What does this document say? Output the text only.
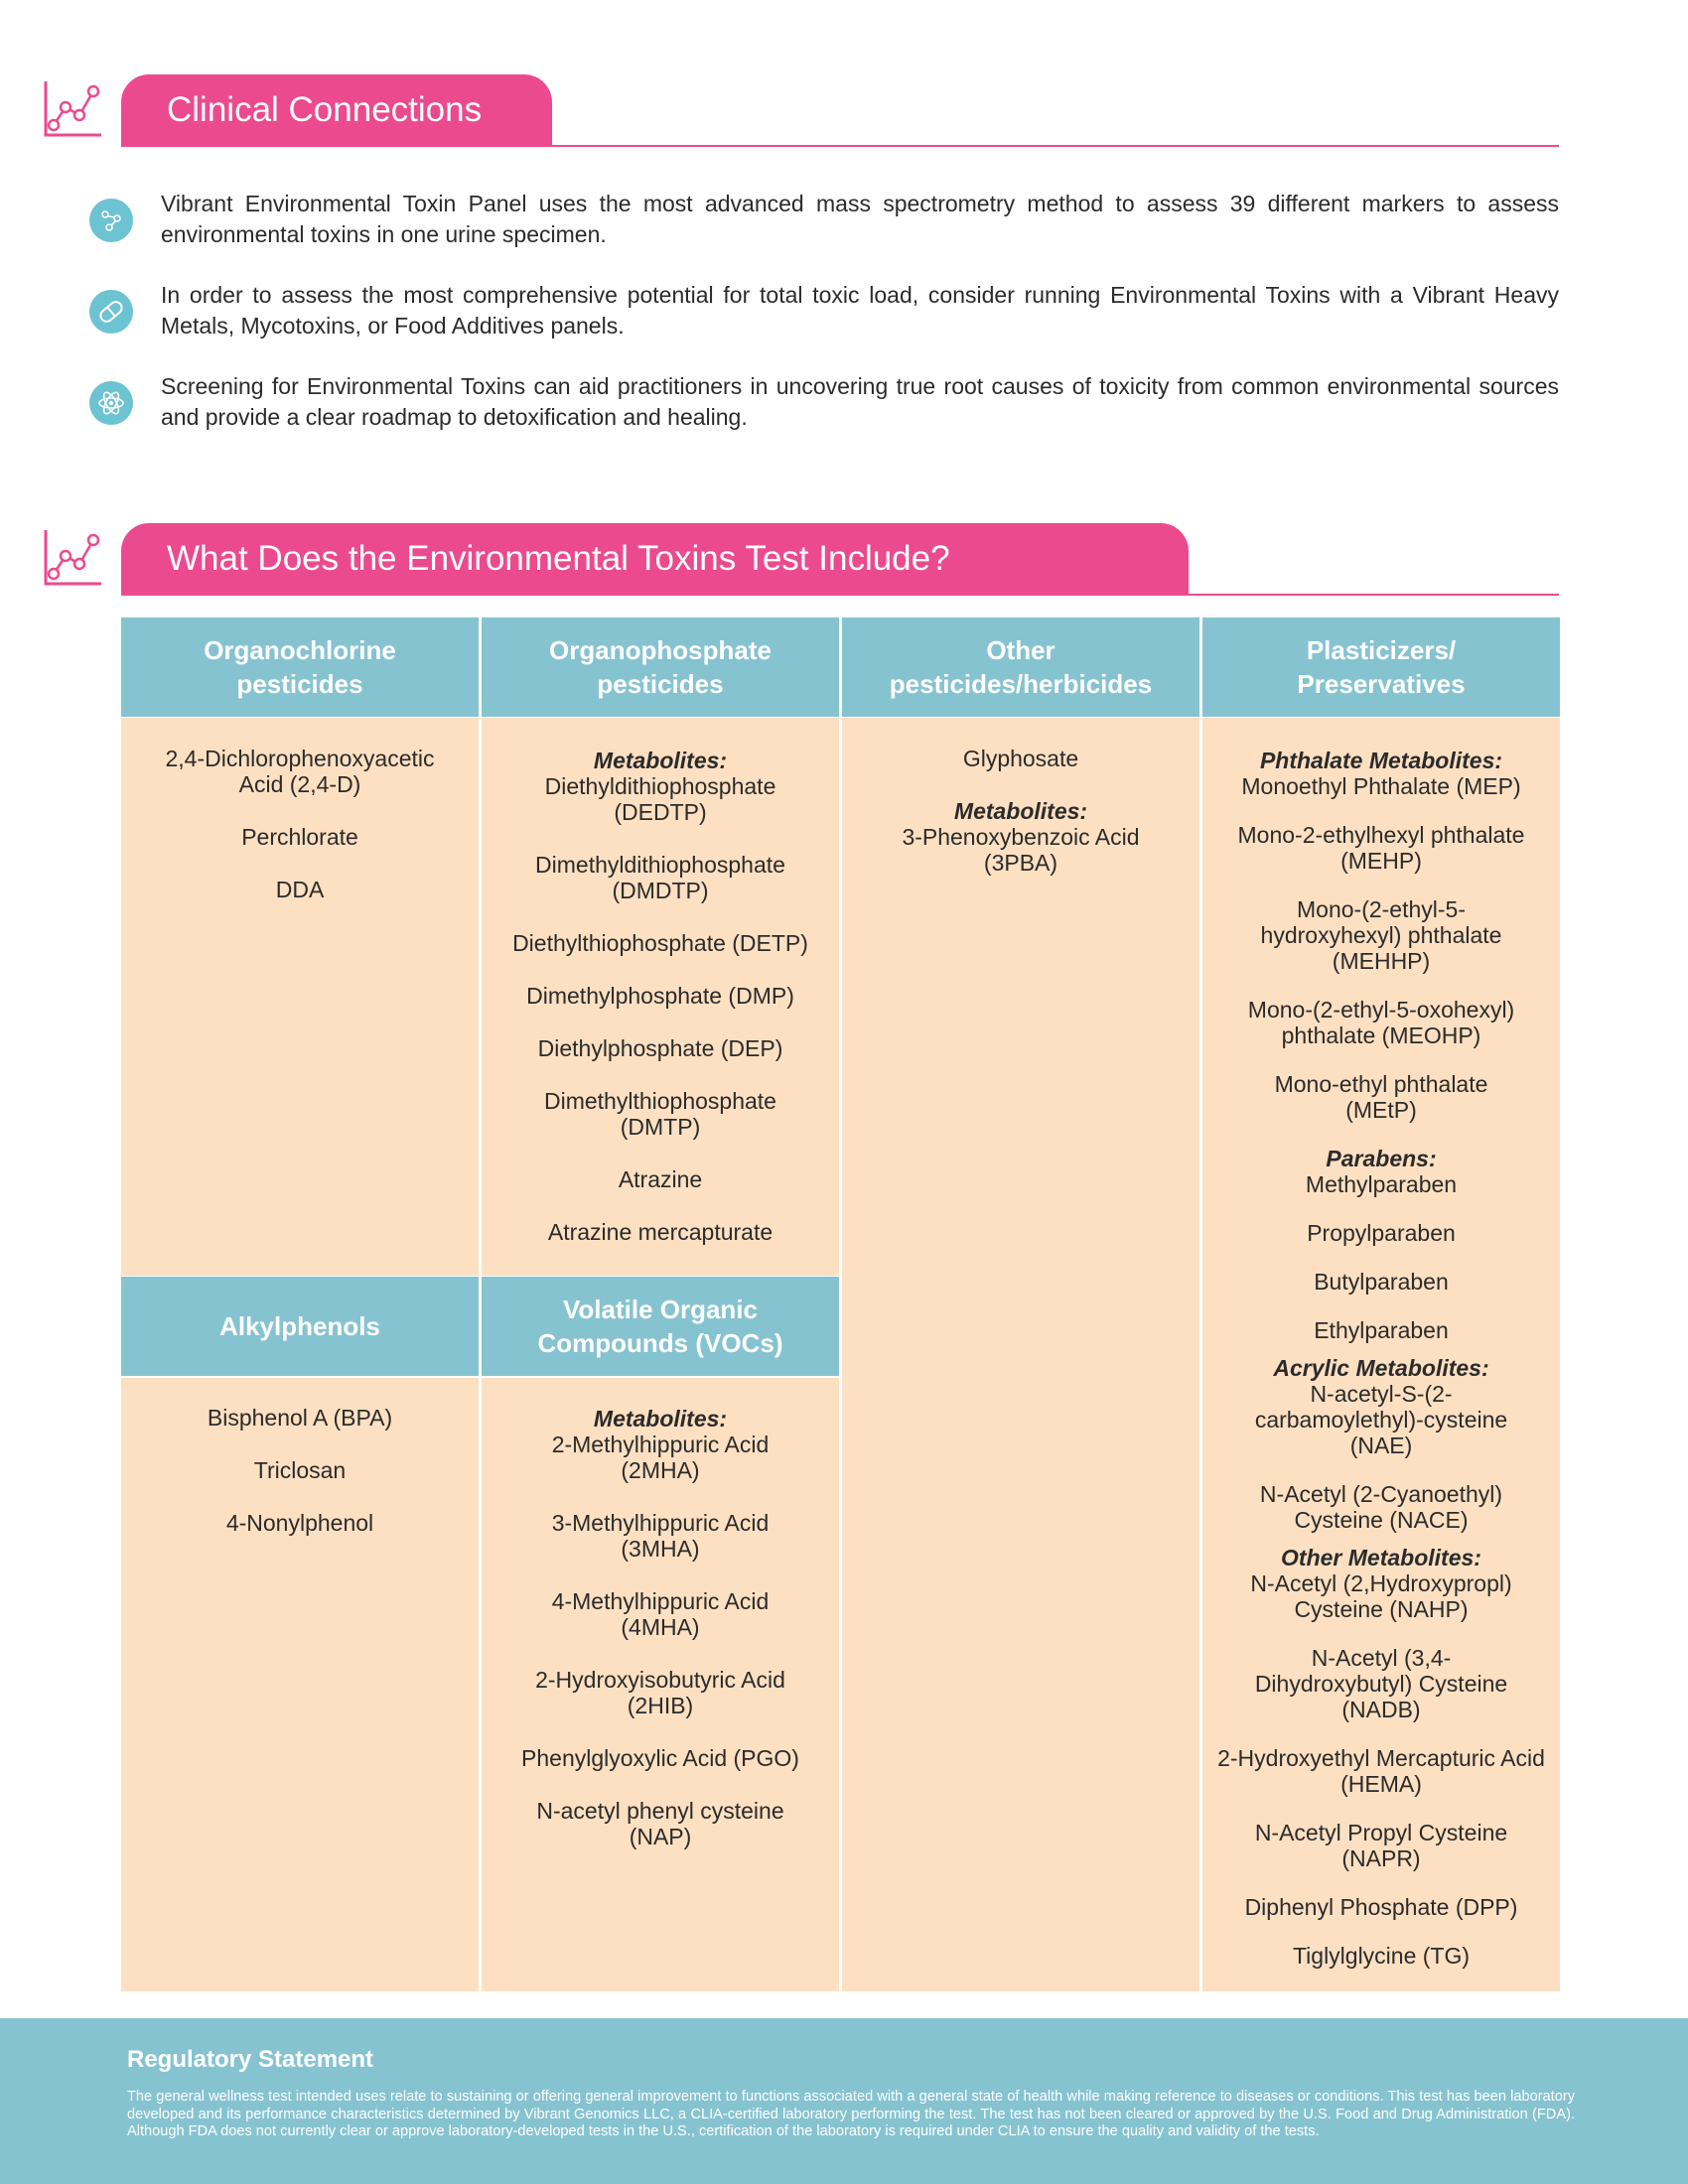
Clinical Connections
Vibrant Environmental Toxin Panel uses the most advanced mass spectrometry method to assess 39 different markers to assess environmental toxins in one urine specimen.
In order to assess the most comprehensive potential for total toxic load, consider running Environmental Toxins with a Vibrant Heavy Metals, Mycotoxins, or Food Additives panels.
Screening for Environmental Toxins can aid practitioners in uncovering true root causes of toxicity from common environmental sources and provide a clear roadmap to detoxification and healing.
What Does the Environmental Toxins Test Include?
Organochlorine pesticides
Organophosphate pesticides
Other pesticides/herbicides
Plasticizers/ Preservatives
Alkylphenols
Volatile Organic Compounds (VOCs)
2,4-Dichlorophenoxyacetic Acid (2,4-D)
Perchlorate
DDA
Metabolites:
Diethyldithiophosphate (DEDTP)
Dimethyldithiophosphate (DMDTP)
Diethylthiophosphate (DETP)
Dimethylphosphate (DMP)
Diethylphosphate (DEP)
Dimethylthiophosphate (DMTP)
Atrazine
Atrazine mercapturate
Glyphosate
Metabolites:
3-Phenoxybenzoic Acid (3PBA)
Phthalate Metabolites:
Monoethyl Phthalate (MEP)
Mono-2-ethylhexyl phthalate (MEHP)
Mono-(2-ethyl-5-hydroxyhexyl) phthalate (MEHHP)
Mono-(2-ethyl-5-oxohexyl) phthalate (MEOHP)
Mono-ethyl phthalate (MEtP)
Parabens:
Methylparaben
Propylparaben
Butylparaben
Ethylparaben
Acrylic Metabolites:
N-acetyl-S-(2-carbamoylethyl)-cysteine (NAE)
N-Acetyl (2-Cyanoethyl) Cysteine (NACE)
Other Metabolites:
N-Acetyl (2,Hydroxypropl) Cysteine (NAHP)
N-Acetyl (3,4-Dihydroxybutyl) Cysteine (NADB)
2-Hydroxyethyl Mercapturic Acid (HEMA)
N-Acetyl Propyl Cysteine (NAPR)
Diphenyl Phosphate (DPP)
Tiglylglycine (TG)
Bisphenol A (BPA)
Triclosan
4-Nonylphenol
Metabolites:
2-Methylhippuric Acid (2MHA)
3-Methylhippuric Acid (3MHA)
4-Methylhippuric Acid (4MHA)
2-Hydroxyisobutyric Acid (2HIB)
Phenylglyoxylic Acid (PGO)
N-acetyl phenyl cysteine (NAP)
Regulatory Statement
The general wellness test intended uses relate to sustaining or offering general improvement to functions associated with a general state of health while making reference to diseases or conditions. This test has been laboratory developed and its performance characteristics determined by Vibrant Genomics LLC, a CLIA-certified laboratory performing the test. The test has not been cleared or approved by the U.S. Food and Drug Administration (FDA). Although FDA does not currently clear or approve laboratory-developed tests in the U.S., certification of the laboratory is required under CLIA to ensure the quality and validity of the tests.
